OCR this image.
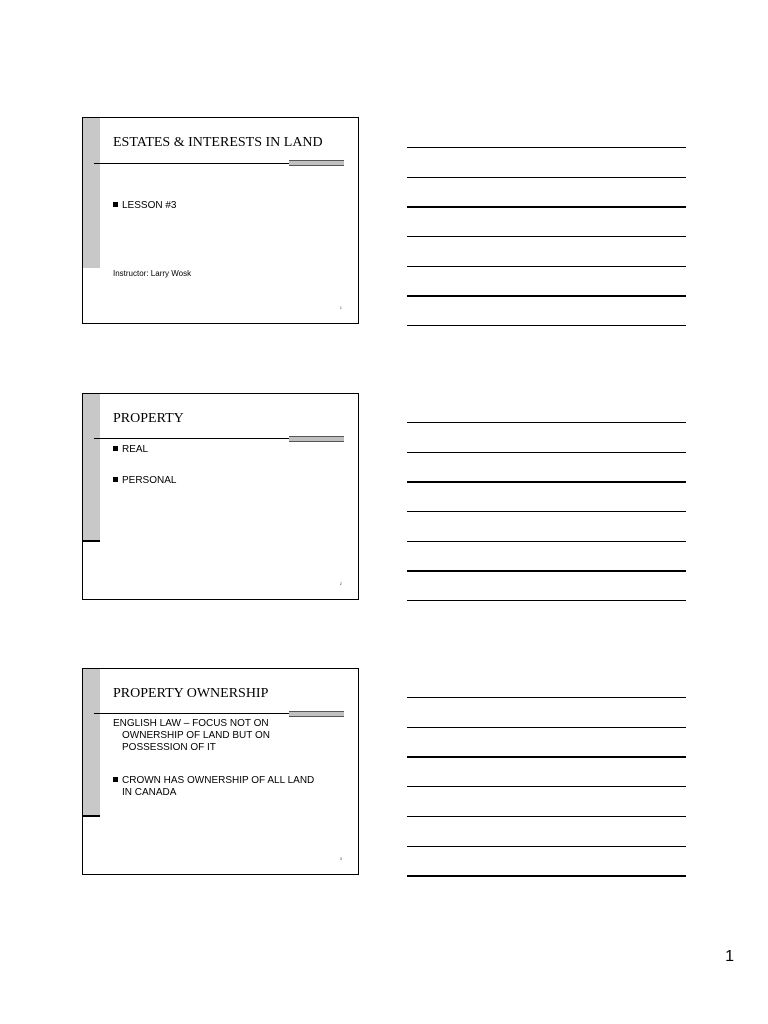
ESTATES & INTERESTS IN LAND
LESSON #3
Instructor: Larry Wosk
1
PROPERTY
REAL
PERSONAL
2
PROPERTY OWNERSHIP
ENGLISH LAW – FOCUS NOT ON
OWNERSHIP OF LAND BUT ON
POSSESSION OF IT
CROWN HAS OWNERSHIP OF ALL LAND
IN CANADA
3
1
